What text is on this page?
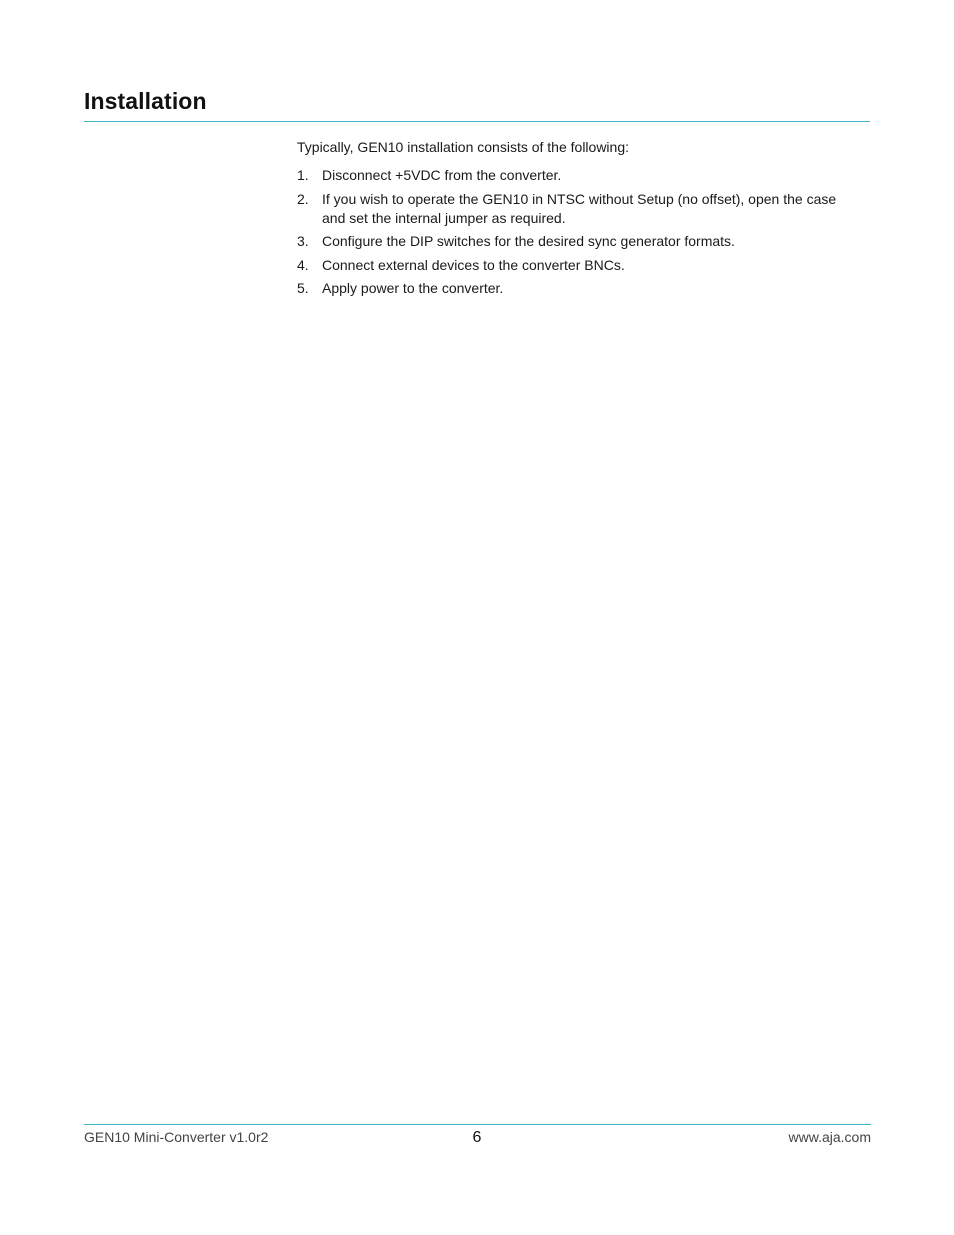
Installation

Typically, GEN10 installation consists of the following:

1. Disconnect +5VDC from the converter.
2. If you wish to operate the GEN10 in NTSC without Setup (no offset), open the case and set the internal jumper as required.
3. Configure the DIP switches for the desired sync generator formats.
4. Connect external devices to the converter BNCs.
5. Apply power to the converter.
GEN10 Mini-Converter v1.0r2	6	www.aja.com
